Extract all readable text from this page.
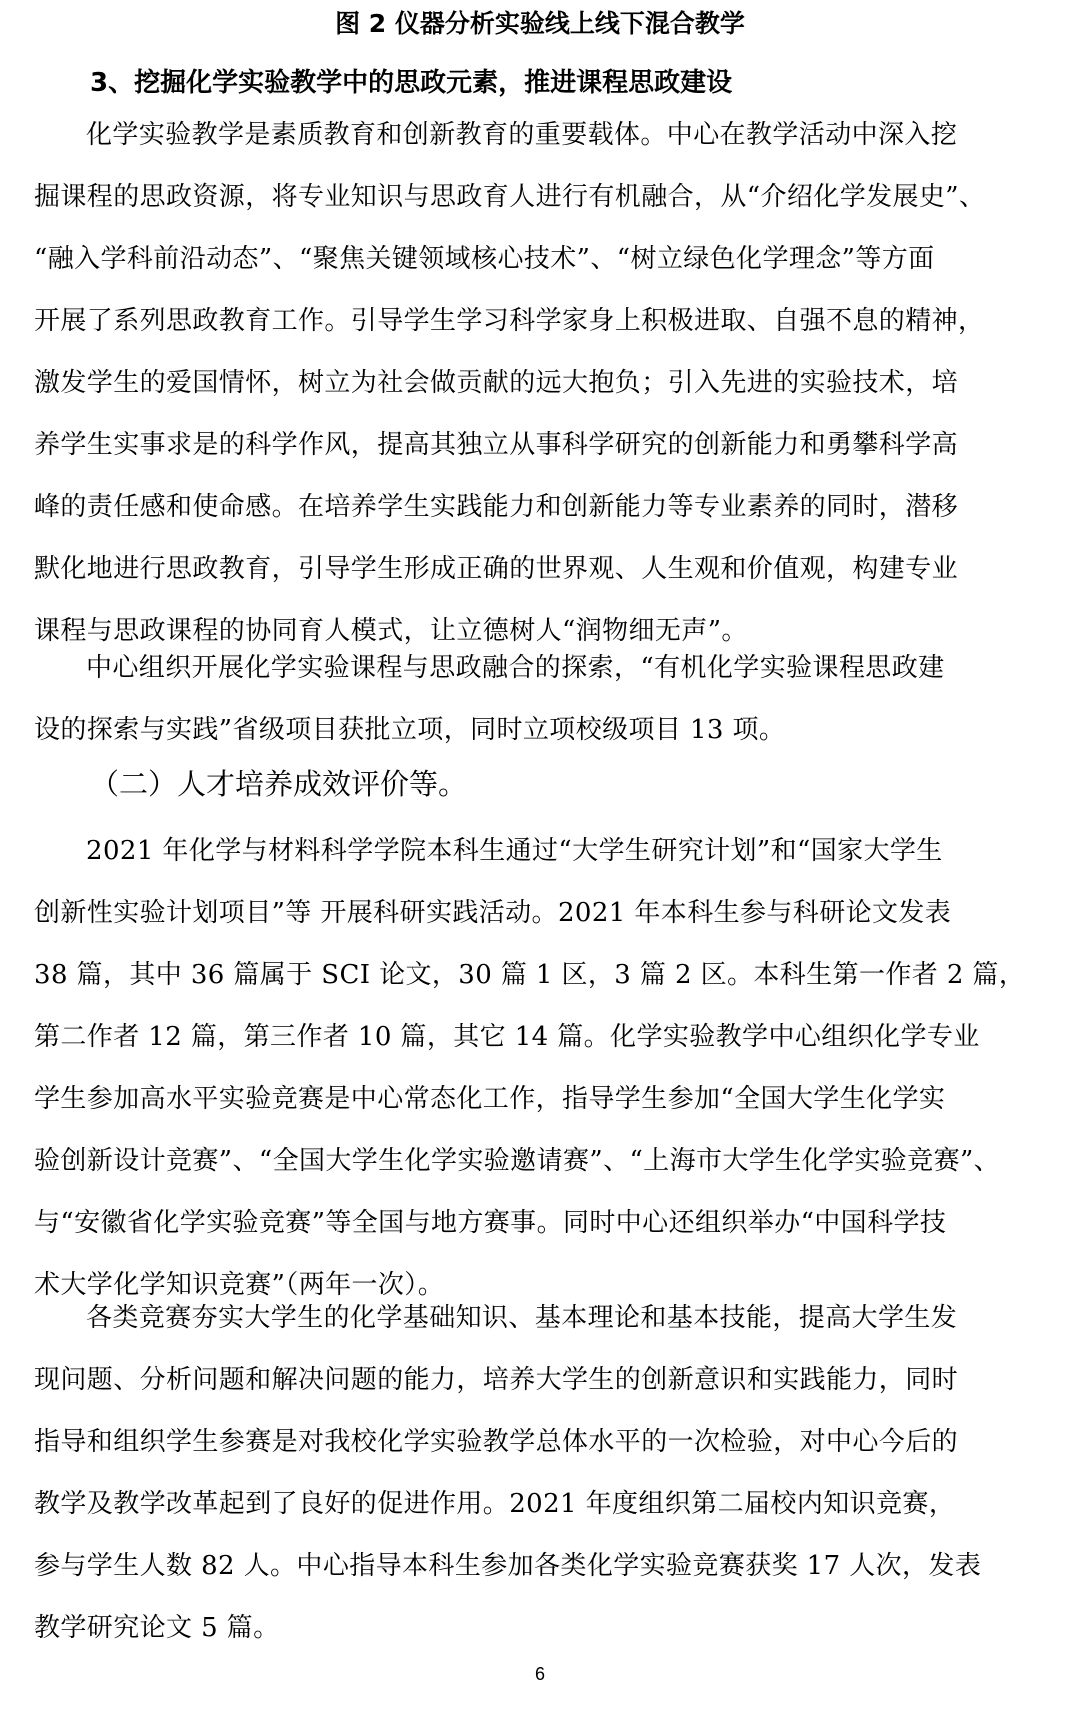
图 2 仪器分析实验线上线下混合教学
3、挖掘化学实验教学中的思政元素，推进课程思政建设
化学实验教学是素质教育和创新教育的重要载体。中心在教学活动中深入挖
掘课程的思政资源，将专业知识与思政育人进行有机融合，从“介绍化学发展史”、
“融入学科前沿动态”、“聚焦关键领域核心技术”、“树立绿色化学理念”等方面
开展了系列思政教育工作。引导学生学习科学家身上积极进取、自强不息的精神，
激发学生的爱国情怀，树立为社会做贡献的远大抱负；引入先进的实验技术，培
养学生实事求是的科学作风，提高其独立从事科学研究的创新能力和勇攀科学高
峰的责任感和使命感。在培养学生实践能力和创新能力等专业素养的同时，潜移
默化地进行思政教育，引导学生形成正确的世界观、人生观和价值观，构建专业
课程与思政课程的协同育人模式，让立德树人“润物细无声”。
中心组织开展化学实验课程与思政融合的探索，“有机化学实验课程思政建
设的探索与实践”省级项目获批立项，同时立项校级项目 13 项。
（二）人才培养成效评价等。
2021 年化学与材料科学学院本科生通过“大学生研究计划”和“国家大学生
创新性实验计划项目”等 开展科研实践活动。2021 年本科生参与科研论文发表
38 篇，其中 36 篇属于 SCI 论文，30 篇 1 区，3 篇 2 区。本科生第一作者 2 篇，
第二作者 12 篇，第三作者 10 篇，其它 14 篇。化学实验教学中心组织化学专业
学生参加高水平实验竞赛是中心常态化工作，指导学生参加“全国大学生化学实
验创新设计竞赛”、“全国大学生化学实验邀请赛”、“上海市大学生化学实验竞赛”、
与“安徽省化学实验竞赛”等全国与地方赛事。同时中心还组织举办“中国科学技
术大学化学知识竞赛”（两年一次）。
各类竞赛夯实大学生的化学基础知识、基本理论和基本技能，提高大学生发
现问题、分析问题和解决问题的能力，培养大学生的创新意识和实践能力，同时
指导和组织学生参赛是对我校化学实验教学总体水平的一次检验，对中心今后的
教学及教学改革起到了良好的促进作用。2021 年度组织第二届校内知识竞赛，
参与学生人数 82 人。中心指导本科生参加各类化学实验竞赛获奖 17 人次，发表
教学研究论文 5 篇。
6
